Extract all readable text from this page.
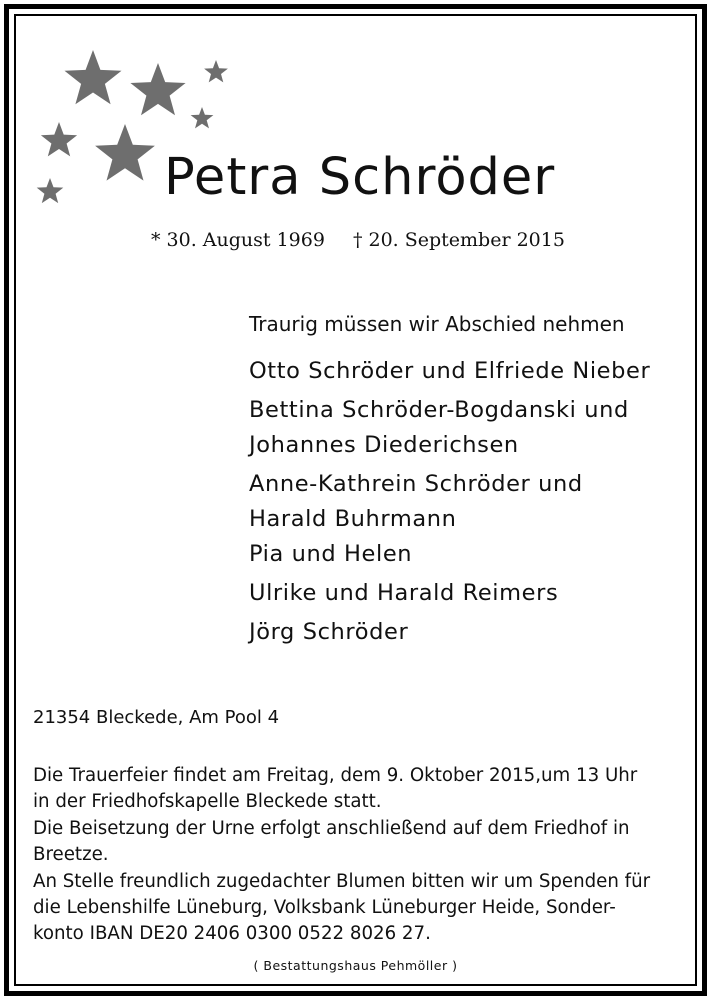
Petra Schröder
* 30. August 1969 † 20. September 2015
Traurig müssen wir Abschied nehmen
Otto Schröder und Elfriede Nieber
Bettina Schröder-Bogdanski und
Johannes Diederichsen
Anne-Kathrein Schröder und
Harald Buhrmann
Pia und Helen
Ulrike und Harald Reimers
Jörg Schröder
21354 Bleckede, Am Pool 4
Die Trauerfeier findet am Freitag, dem 9. Oktober 2015,um 13 Uhr
in der Friedhofskapelle Bleckede statt.
Die Beisetzung der Urne erfolgt anschließend auf dem Friedhof in
Breetze.
An Stelle freundlich zugedachter Blumen bitten wir um Spenden für
die Lebenshilfe Lüneburg, Volksbank Lüneburger Heide, Sonder-
konto IBAN DE20 2406 0300 0522 8026 27.
( Bestattungshaus Pehmöller )
